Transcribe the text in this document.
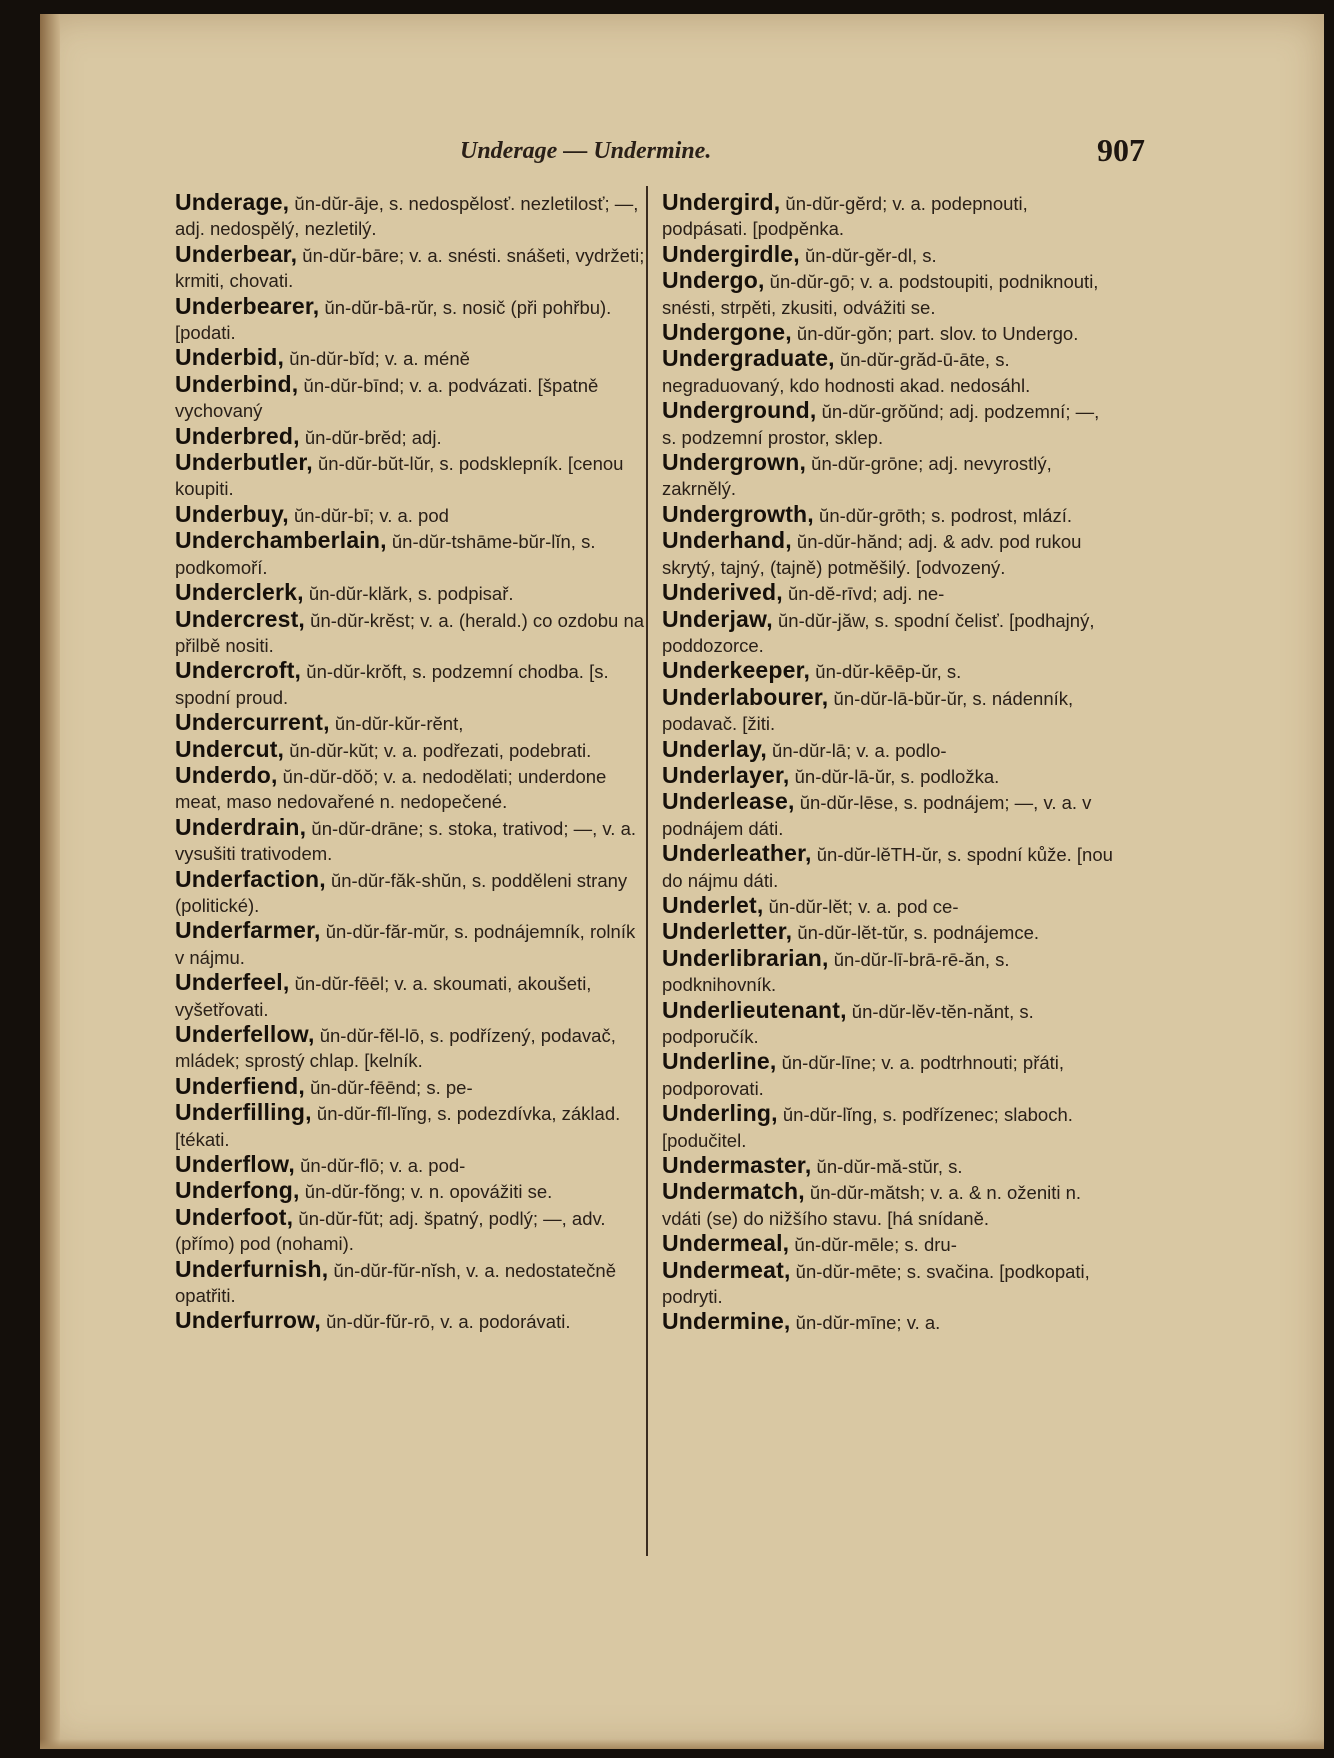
Underage — Undermine.	907

Underage, ŭn-dŭr-āje, s. nedospělosť. nezletilosť; —, adj. nedospělý, nezletilý.

Underbear, ŭn-dŭr-bāre; v. a. snésti. snášeti, vydržeti; krmiti, chovati.

Underbearer, ŭn-dŭr-bā-rŭr, s. nosič (při pohřbu). [podati.

Underbid, ŭn-dŭr-bĭd; v. a. méně

Underbind, ŭn-dŭr-bīnd; v. a. podvázati. [špatně vychovaný

Underbred, ŭn-dŭr-brĕd; adj.

Underbutler, ŭn-dŭr-bŭt-lŭr, s. podsklepník. [cenou koupiti.

Underbuy, ŭn-dŭr-bī; v. a. pod

Underchamberlain, ŭn-dŭr-tshāme-bŭr-lĭn, s. podkomoří.

Underclerk, ŭn-dŭr-klărk, s. podpisař.

Undercrest, ŭn-dŭr-krĕst; v. a. (herald.) co ozdobu na přilbě nositi.

Undercroft, ŭn-dŭr-krŏft, s. podzemní chodba. [s. spodní proud.

Undercurrent, ŭn-dŭr-kŭr-rĕnt,

Undercut, ŭn-dŭr-kŭt; v. a. podřezati, podebrati.

Underdo, ŭn-dŭr-dŏŏ; v. a. nedodělati; underdone meat, maso nedovařené n. nedopečené.

Underdrain, ŭn-dŭr-drāne; s. stoka, trativod; —, v. a. vysušiti trativodem.

Underfaction, ŭn-dŭr-făk-shŭn, s. podděleni strany (politické).

Underfarmer, ŭn-dŭr-făr-mŭr, s. podnájemník, rolník v nájmu.

Underfeel, ŭn-dŭr-fēēl; v. a. skoumati, akoušeti, vyšetřovati.

Underfellow, ŭn-dŭr-fĕl-lō, s. podřízený, podavač, mládek; sprostý chlap. [kelník.

Underfiend, ŭn-dŭr-fēēnd; s. pe-

Underfilling, ŭn-dŭr-fĭl-lĭng, s. podezdívka, základ. [tékati.

Underflow, ŭn-dŭr-flō; v. a. pod-

Underfong, ŭn-dŭr-fŏng; v. n. opovážiti se.

Underfoot, ŭn-dŭr-fŭt; adj. špatný, podlý; —, adv. (přímo) pod (nohami).

Underfurnish, ŭn-dŭr-fŭr-nĭsh, v. a. nedostatečně opatřiti.

Underfurrow, ŭn-dŭr-fŭr-rō, v. a. podorávati.

Undergird, ŭn-dŭr-gĕrd; v. a. podepnouti, podpásati. [podpěnka.

Undergirdle, ŭn-dŭr-gĕr-dl, s.

Undergo, ŭn-dŭr-gō; v. a. podstoupiti, podniknouti, snésti, strpěti, zkusiti, odvážiti se.

Undergone, ŭn-dŭr-gŏn; part. slov. to Undergo.

Undergraduate, ŭn-dŭr-grăd-ū-āte, s. negraduovaný, kdo hodnosti akad. nedosáhl.

Underground, ŭn-dŭr-grŏŭnd; adj. podzemní; —, s. podzemní prostor, sklep.

Undergrown, ŭn-dŭr-grōne; adj. nevyrostlý, zakrnělý.

Undergrowth, ŭn-dŭr-grōth; s. podrost, mlází.

Underhand, ŭn-dŭr-hănd; adj. & adv. pod rukou skrytý, tajný, (tajně) potměšilý. [odvozený.

Underived, ŭn-dĕ-rīvd; adj. ne-

Underjaw, ŭn-dŭr-jăw, s. spodní čelisť. [podhajný, poddozorce.

Underkeeper, ŭn-dŭr-kēēp-ŭr, s.

Underlabourer, ŭn-dŭr-lā-bŭr-ŭr, s. nádenník, podavač. [žiti.

Underlay, ŭn-dŭr-lā; v. a. podlo-

Underlayer, ŭn-dŭr-lā-ŭr, s. podložka.

Underlease, ŭn-dŭr-lēse, s. podnájem; —, v. a. v podnájem dáti.

Underleather, ŭn-dŭr-lĕTH-ŭr, s. spodní kůže. [nou do nájmu dáti.

Underlet, ŭn-dŭr-lĕt; v. a. pod ce-

Underletter, ŭn-dŭr-lĕt-tŭr, s. podnájemce.

Underlibrarian, ŭn-dŭr-lī-brā-rē-ăn, s. podknihovník.

Underlieutenant, ŭn-dŭr-lĕv-tĕn-nănt, s. podporučík.

Underline, ŭn-dŭr-līne; v. a. podtrhnouti; přáti, podporovati.

Underling, ŭn-dŭr-lĭng, s. podřízenec; slaboch. [podučitel.

Undermaster, ŭn-dŭr-mă-stŭr, s.

Undermatch, ŭn-dŭr-mătsh; v. a. & n. oženiti n. vdáti (se) do nižšího stavu. [há snídaně.

Undermeal, ŭn-dŭr-mēle; s. dru-

Undermeat, ŭn-dŭr-mēte; s. svačina. [podkopati, podryti.

Undermine, ŭn-dŭr-mīne; v. a.
